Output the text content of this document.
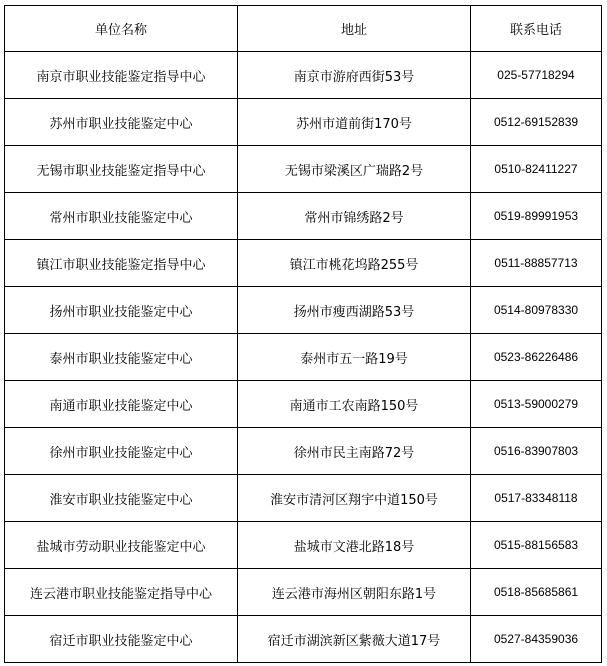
单位名称	地址	联系电话
南京市职业技能鉴定指导中心	南京市游府西街53号	025-57718294
苏州市职业技能鉴定中心	苏州市道前街170号	0512-69152839
无锡市职业技能鉴定指导中心	无锡市梁溪区广瑞路2号	0510-82411227
常州市职业技能鉴定中心	常州市锦绣路2号	0519-89991953
镇江市职业技能鉴定指导中心	镇江市桃花坞路255号	0511-88857713
扬州市职业技能鉴定中心	扬州市瘦西湖路53号	0514-80978330
泰州市职业技能鉴定中心	泰州市五一路19号	0523-86226486
南通市职业技能鉴定中心	南通市工农南路150号	0513-59000279
徐州市职业技能鉴定中心	徐州市民主南路72号	0516-83907803
淮安市职业技能鉴定中心	淮安市清河区翔宇中道150号	0517-83348118
盐城市劳动职业技能鉴定中心	盐城市文港北路18号	0515-88156583
连云港市职业技能鉴定指导中心	连云港市海州区朝阳东路1号	0518-85685861
宿迁市职业技能鉴定中心	宿迁市湖滨新区紫薇大道17号	0527-84359036
